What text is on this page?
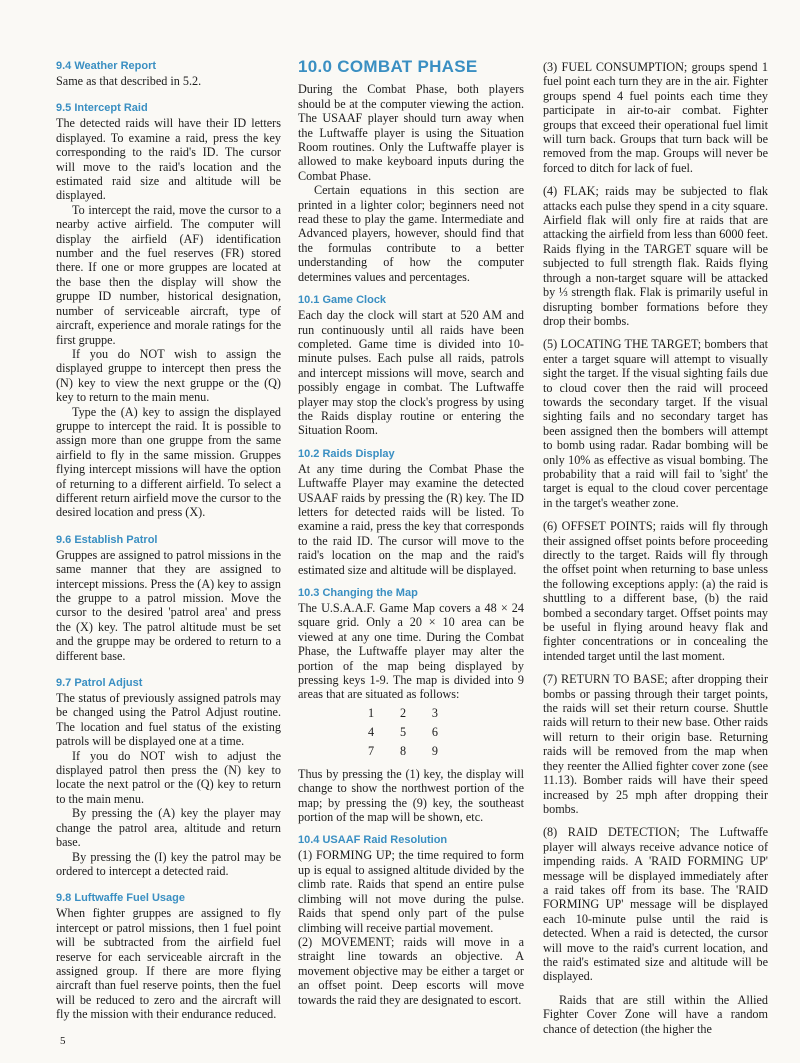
9.4 Weather Report

Same as that described in 5.2.

9.5 Intercept Raid

The detected raids will have their ID letters displayed. To examine a raid, press the key corresponding to the raid's ID. The cursor will move to the raid's location and the estimated raid size and altitude will be displayed.

To intercept the raid, move the cursor to a nearby active airfield. The computer will display the airfield (AF) identification number and the fuel reserves (FR) stored there. If one or more gruppes are located at the base then the display will show the gruppe ID number, historical designation, number of serviceable aircraft, type of aircraft, experience and morale ratings for the first gruppe.

If you do NOT wish to assign the displayed gruppe to intercept then press the (N) key to view the next gruppe or the (Q) key to return to the main menu.

Type the (A) key to assign the displayed gruppe to intercept the raid. It is possible to assign more than one gruppe from the same airfield to fly in the same mission. Gruppes flying intercept missions will have the option of returning to a different airfield. To select a different return airfield move the cursor to the desired location and press (X).

9.6 Establish Patrol

Gruppes are assigned to patrol missions in the same manner that they are assigned to intercept missions. Press the (A) key to assign the gruppe to a patrol mission. Move the cursor to the desired 'patrol area' and press the (X) key. The patrol altitude must be set and the gruppe may be ordered to return to a different base.

9.7 Patrol Adjust

The status of previously assigned patrols may be changed using the Patrol Adjust routine. The location and fuel status of the existing patrols will be displayed one at a time.

If you do NOT wish to adjust the displayed patrol then press the (N) key to locate the next patrol or the (Q) key to return to the main menu.

By pressing the (A) key the player may change the patrol area, altitude and return base.

By pressing the (I) key the patrol may be ordered to intercept a detected raid.

9.8 Luftwaffe Fuel Usage

When fighter gruppes are assigned to fly intercept or patrol missions, then 1 fuel point will be subtracted from the airfield fuel reserve for each serviceable aircraft in the assigned group. If there are more flying aircraft than fuel reserve points, then the fuel will be reduced to zero and the aircraft will fly the mission with their endurance reduced.

10.0 COMBAT PHASE

During the Combat Phase, both players should be at the computer viewing the action. The USAAF player should turn away when the Luftwaffe player is using the Situation Room routines. Only the Luftwaffe player is allowed to make keyboard inputs during the Combat Phase.

Certain equations in this section are printed in a lighter color; beginners need not read these to play the game. Intermediate and Advanced players, however, should find that the formulas contribute to a better understanding of how the computer determines values and percentages.

10.1 Game Clock

Each day the clock will start at 520 AM and run continuously until all raids have been completed. Game time is divided into 10-minute pulses. Each pulse all raids, patrols and intercept missions will move, search and possibly engage in combat. The Luftwaffe player may stop the clock's progress by using the Raids display routine or entering the Situation Room.

10.2 Raids Display

At any time during the Combat Phase the Luftwaffe Player may examine the detected USAAF raids by pressing the (R) key. The ID letters for detected raids will be listed. To examine a raid, press the key that corresponds to the raid ID. The cursor will move to the raid's location on the map and the raid's estimated size and altitude will be displayed.

10.3 Changing the Map

The U.S.A.A.F. Game Map covers a 48 × 24 square grid. Only a 20 × 10 area can be viewed at any one time. During the Combat Phase, the Luftwaffe player may alter the portion of the map being displayed by pressing keys 1-9. The map is divided into 9 areas that are situated as follows:

1 2 3
4 5 6
7 8 9

Thus by pressing the (1) key, the display will change to show the northwest portion of the map; by pressing the (9) key, the southeast portion of the map will be shown, etc.

10.4 USAAF Raid Resolution

(1) FORMING UP; the time required to form up is equal to assigned altitude divided by the climb rate. Raids that spend an entire pulse climbing will not move during the pulse. Raids that spend only part of the pulse climbing will receive partial movement.

(2) MOVEMENT; raids will move in a straight line towards an objective. A movement objective may be either a target or an offset point. Deep escorts will move towards the raid they are designated to escort.

(3) FUEL CONSUMPTION; groups spend 1 fuel point each turn they are in the air. Fighter groups spend 4 fuel points each time they participate in air-to-air combat. Fighter groups that exceed their operational fuel limit will turn back. Groups that turn back will be removed from the map. Groups will never be forced to ditch for lack of fuel.

(4) FLAK; raids may be subjected to flak attacks each pulse they spend in a city square. Airfield flak will only fire at raids that are attacking the airfield from less than 6000 feet. Raids flying in the TARGET square will be subjected to full strength flak. Raids flying through a non-target square will be attacked by ⅓ strength flak. Flak is primarily useful in disrupting bomber formations before they drop their bombs.

(5) LOCATING THE TARGET; bombers that enter a target square will attempt to visually sight the target. If the visual sighting fails due to cloud cover then the raid will proceed towards the secondary target. If the visual sighting fails and no secondary target has been assigned then the bombers will attempt to bomb using radar. Radar bombing will be only 10% as effective as visual bombing. The probability that a raid will fail to 'sight' the target is equal to the cloud cover percentage in the target's weather zone.

(6) OFFSET POINTS; raids will fly through their assigned offset points before proceeding directly to the target. Raids will fly through the offset point when returning to base unless the following exceptions apply: (a) the raid is shuttling to a different base, (b) the raid bombed a secondary target. Offset points may be useful in flying around heavy flak and fighter concentrations or in concealing the intended target until the last moment.

(7) RETURN TO BASE; after dropping their bombs or passing through their target points, the raids will set their return course. Shuttle raids will return to their new base. Other raids will return to their origin base. Returning raids will be removed from the map when they reenter the Allied fighter cover zone (see 11.13). Bomber raids will have their speed increased by 25 mph after dropping their bombs.

(8) RAID DETECTION; The Luftwaffe player will always receive advance notice of impending raids. A 'RAID FORMING UP' message will be displayed immediately after a raid takes off from its base. The 'RAID FORMING UP' message will be displayed each 10-minute pulse until the raid is detected. When a raid is detected, the cursor will move to the raid's current location, and the raid's estimated size and altitude will be displayed.

Raids that are still within the Allied Fighter Cover Zone will have a random chance of detection (the higher the

5
